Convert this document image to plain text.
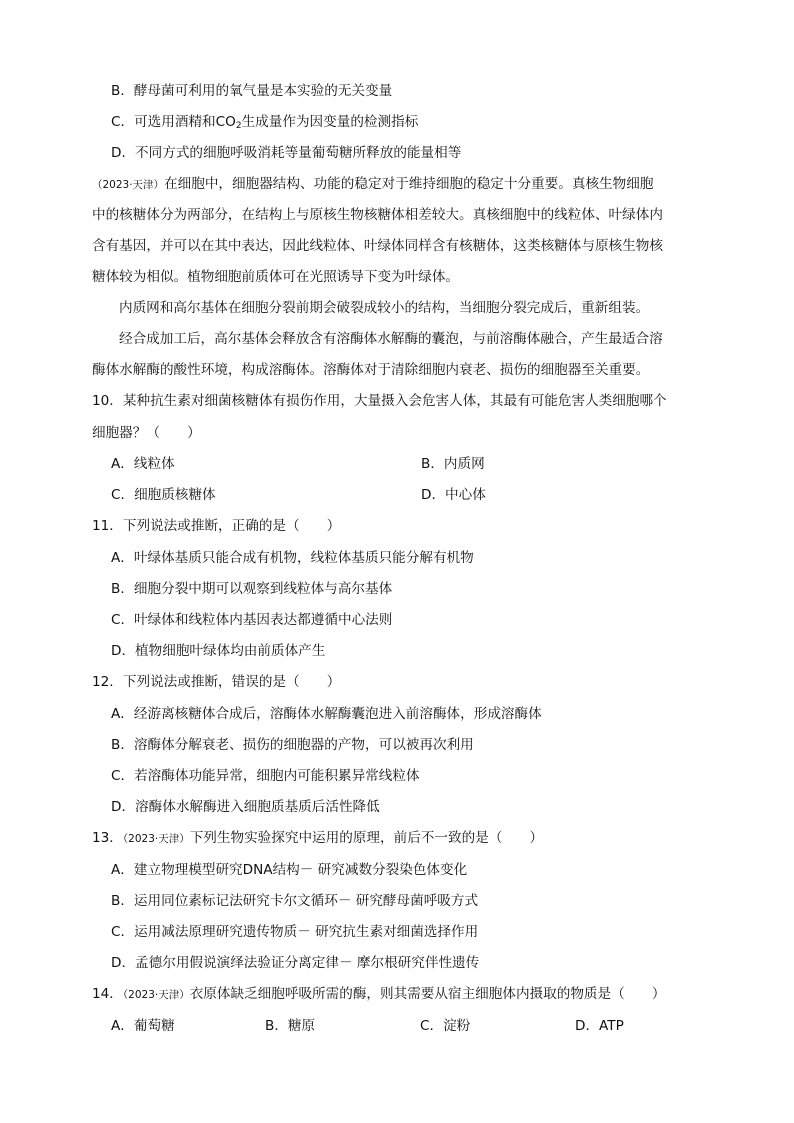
B．酵母菌可利用的氧气量是本实验的无关变量
C．可选用酒精和$CO_2$生成量作为因变量的检测指标
D．不同方式的细胞呼吸消耗等量葡萄糖所释放的能量相等
（2023·天津）在细胞中，细胞器结构、功能的稳定对于维持细胞的稳定十分重要。真核生物细胞
中的核糖体分为两部分，在结构上与原核生物核糖体相差较大。真核细胞中的线粒体、叶绿体内
含有基因，并可以在其中表达，因此线粒体、叶绿体同样含有核糖体，这类核糖体与原核生物核
糖体较为相似。植物细胞前质体可在光照诱导下变为叶绿体。
内质网和高尔基体在细胞分裂前期会破裂成较小的结构，当细胞分裂完成后，重新组装。
经合成加工后，高尔基体会释放含有溶酶体水解酶的囊泡，与前溶酶体融合，产生最适合溶
酶体水解酶的酸性环境，构成溶酶体。溶酶体对于清除细胞内衰老、损伤的细胞器至关重要。
10．某种抗生素对细菌核糖体有损伤作用，大量摄入会危害人体，其最有可能危害人类细胞哪个
细胞器？（　　）
A．线粒体	B．内质网
C．细胞质核糖体	D．中心体
11．下列说法或推断，正确的是（　　）
A．叶绿体基质只能合成有机物，线粒体基质只能分解有机物
B．细胞分裂中期可以观察到线粒体与高尔基体
C．叶绿体和线粒体内基因表达都遵循中心法则
D．植物细胞叶绿体均由前质体产生
12．下列说法或推断，错误的是（　　）
A．经游离核糖体合成后，溶酶体水解酶囊泡进入前溶酶体，形成溶酶体
B．溶酶体分解衰老、损伤的细胞器的产物，可以被再次利用
C．若溶酶体功能异常，细胞内可能积累异常线粒体
D．溶酶体水解酶进入细胞质基质后活性降低
13．（2023·天津）下列生物实验探究中运用的原理，前后不一致的是（　　）
A．建立物理模型研究DNA结构－ 研究减数分裂染色体变化
B．运用同位素标记法研究卡尔文循环－ 研究酵母菌呼吸方式
C．运用减法原理研究遗传物质－ 研究抗生素对细菌选择作用
D．孟德尔用假说演绎法验证分离定律－ 摩尔根研究伴性遗传
14．（2023·天津）衣原体缺乏细胞呼吸所需的酶，则其需要从宿主细胞体内摄取的物质是（　　）
A．葡萄糖	B．糖原	C．淀粉	D．ATP
